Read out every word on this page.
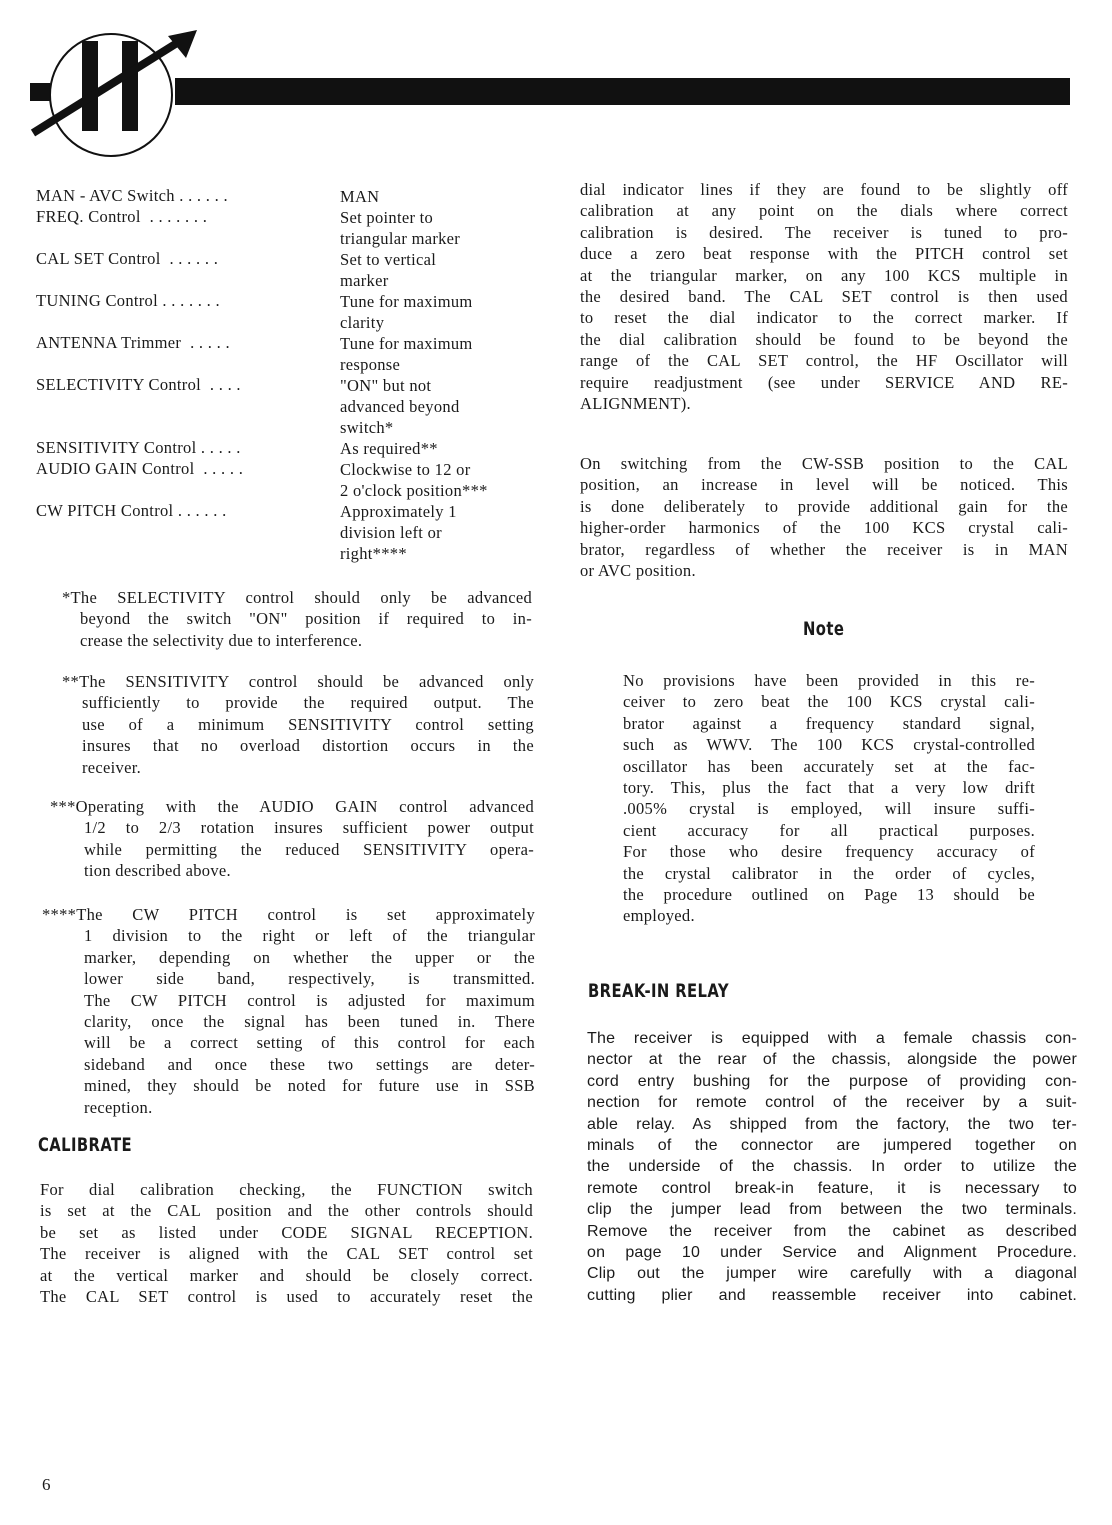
MAN - AVC Switch . . . . . .	MAN
FREQ. Control  . . . . . . .	Set pointer to
triangular marker
CAL SET Control  . . . . . .	Set to vertical
marker
TUNING Control . . . . . . .	Tune for maximum
clarity
ANTENNA Trimmer  . . . . .	Tune for maximum
response
SELECTIVITY Control  . . . .	"ON" but not
advanced beyond
switch*
SENSITIVITY Control . . . . .	As required**
AUDIO GAIN Control  . . . . .	Clockwise to 12 or
2 o'clock position***
CW PITCH Control . . . . . .	Approximately 1
division left or
right****
*The SELECTIVITY control should only be advanced
beyond the switch "ON" position if required to in-
crease the selectivity due to interference.
**The SENSITIVITY control should be advanced only
sufficiently to provide the required output. The
use of a minimum SENSITIVITY control setting
insures that no overload distortion occurs in the
receiver.
***Operating with the AUDIO GAIN control advanced
1/2 to 2/3 rotation insures sufficient power output
while permitting the reduced SENSITIVITY opera-
tion described above.
****The CW PITCH control is set approximately
1 division to the right or left of the triangular
marker, depending on whether the upper or the
lower side band, respectively, is transmitted.
The CW PITCH control is adjusted for maximum
clarity, once the signal has been tuned in. There
will be a correct setting of this control for each
sideband and once these two settings are deter-
mined, they should be noted for future use in SSB
reception.
CALIBRATE
For dial calibration checking, the FUNCTION switch
is set at the CAL position and the other controls should
be set as listed under CODE SIGNAL RECEPTION.
The receiver is aligned with the CAL SET control set
at the vertical marker and should be closely correct.
The CAL SET control is used to accurately reset the
dial indicator lines if they are found to be slightly off
calibration at any point on the dials where correct
calibration is desired. The receiver is tuned to pro-
duce a zero beat response with the PITCH control set
at the triangular marker, on any 100 KCS multiple in
the desired band. The CAL SET control is then used
to reset the dial indicator to the correct marker. If
the dial calibration should be found to be beyond the
range of the CAL SET control, the HF Oscillator will
require readjustment (see under SERVICE AND RE-
ALIGNMENT).
On switching from the CW-SSB position to the CAL
position, an increase in level will be noticed. This
is done deliberately to provide additional gain for the
higher-order harmonics of the 100 KCS crystal cali-
brator, regardless of whether the receiver is in MAN
or AVC position.
Note
No provisions have been provided in this re-
ceiver to zero beat the 100 KCS crystal cali-
brator against a frequency standard signal,
such as WWV. The 100 KCS crystal-controlled
oscillator has been accurately set at the fac-
tory. This, plus the fact that a very low drift
.005% crystal is employed, will insure suffi-
cient accuracy for all practical purposes.
For those who desire frequency accuracy of
the crystal calibrator in the order of cycles,
the procedure outlined on Page 13 should be
employed.
BREAK-IN RELAY
The receiver is equipped with a female chassis con-
nector at the rear of the chassis, alongside the power
cord entry bushing for the purpose of providing con-
nection for remote control of the receiver by a suit-
able relay. As shipped from the factory, the two ter-
minals of the connector are jumpered together on
the underside of the chassis. In order to utilize the
remote control break-in feature, it is necessary to
clip the jumper lead from between the two terminals.
Remove the receiver from the cabinet as described
on page 10 under Service and Alignment Procedure.
Clip out the jumper wire carefully with a diagonal
cutting plier and reassemble receiver into cabinet.
6
